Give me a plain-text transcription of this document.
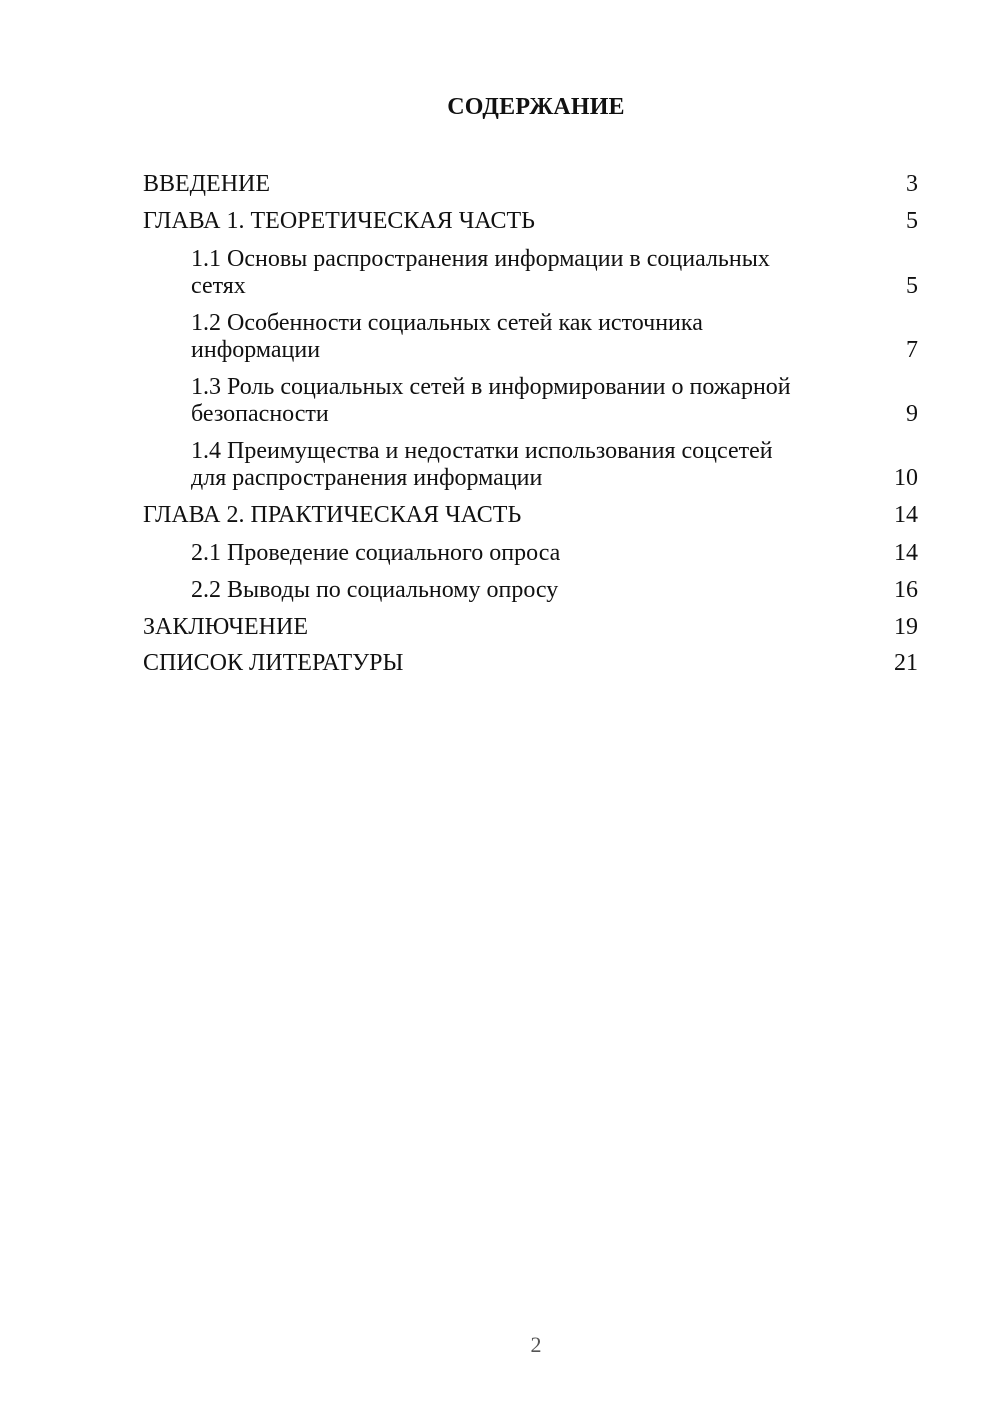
СОДЕРЖАНИЕ
ВВЕДЕНИЕ	3
ГЛАВА 1. ТЕОРЕТИЧЕСКАЯ ЧАСТЬ	5
1.1 Основы распространения информации в социальных
сетях	5
1.2 Особенности социальных сетей как источника
информации	7
1.3 Роль социальных сетей в информировании о пожарной
безопасности	9
1.4 Преимущества и недостатки использования соцсетей
для распространения информации	10
ГЛАВА 2. ПРАКТИЧЕСКАЯ ЧАСТЬ	14
2.1 Проведение социального опроса	14
2.2 Выводы по социальному опросу	16
ЗАКЛЮЧЕНИЕ	19
СПИСОК ЛИТЕРАТУРЫ	21
2
